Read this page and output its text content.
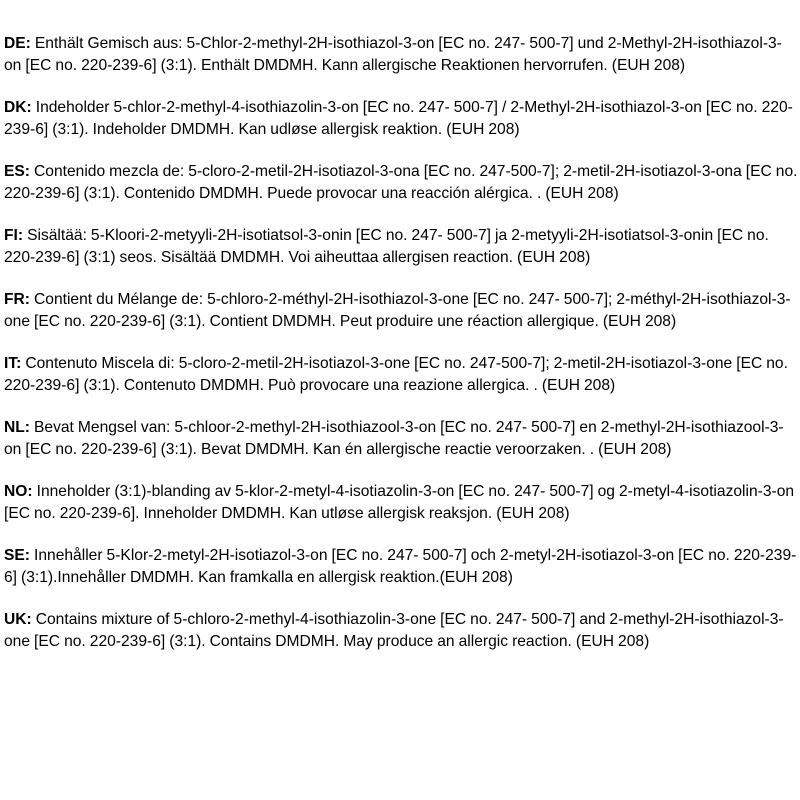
DE: Enthält Gemisch aus: 5-Chlor-2-methyl-2H-isothiazol-3-on [EC no. 247- 500-7] und 2-Methyl-2H-isothiazol-3-on [EC no. 220-239-6] (3:1). Enthält DMDMH. Kann allergische Reaktionen hervorrufen. (EUH 208)

DK: Indeholder 5-chlor-2-methyl-4-isothiazolin-3-on [EC no. 247- 500-7] / 2-Methyl-2H-isothiazol-3-on [EC no. 220-239-6] (3:1). Indeholder DMDMH. Kan udløse allergisk reaktion. (EUH 208)

ES: Contenido mezcla de: 5-cloro-2-metil-2H-isotiazol-3-ona [EC no. 247-500-7]; 2-metil-2H-isotiazol-3-ona [EC no. 220-239-6] (3:1). Contenido DMDMH. Puede provocar una reacción alérgica. . (EUH 208)

FI: Sisältää: 5-Kloori-2-metyyli-2H-isotiatsol-3-onin [EC no. 247- 500-7] ja 2-metyyli-2H-isotiatsol-3-onin [EC no. 220-239-6] (3:1) seos. Sisältää DMDMH. Voi aiheuttaa allergisen reaction. (EUH 208)

FR: Contient du Mélange de: 5-chloro-2-méthyl-2H-isothiazol-3-one [EC no. 247- 500-7]; 2-méthyl-2H-isothiazol-3-one [EC no. 220-239-6] (3:1). Contient DMDMH. Peut produire une réaction allergique. (EUH 208)

IT: Contenuto Miscela di: 5-cloro-2-metil-2H-isotiazol-3-one [EC no. 247-500-7]; 2-metil-2H-isotiazol-3-one [EC no. 220-239-6] (3:1). Contenuto DMDMH. Può provocare una reazione allergica. . (EUH 208)

NL: Bevat Mengsel van: 5-chloor-2-methyl-2H-isothiazool-3-on [EC no. 247- 500-7] en 2-methyl-2H-isothiazool-3-on [EC no. 220-239-6] (3:1). Bevat DMDMH. Kan én allergische reactie veroorzaken. . (EUH 208)

NO: Inneholder (3:1)-blanding av 5-klor-2-metyl-4-isotiazolin-3-on [EC no. 247- 500-7] og 2-metyl-4-isotiazolin-3-on [EC no. 220-239-6]. Inneholder DMDMH. Kan utløse allergisk reaksjon. (EUH 208)

SE: Innehåller 5-Klor-2-metyl-2H-isotiazol-3-on [EC no. 247- 500-7] och 2-metyl-2H-isotiazol-3-on [EC no. 220-239-6] (3:1).Innehåller DMDMH. Kan framkalla en allergisk reaktion.(EUH 208)

UK: Contains mixture of 5-chloro-2-methyl-4-isothiazolin-3-one [EC no. 247- 500-7] and 2-methyl-2H-isothiazol-3-one [EC no. 220-239-6] (3:1). Contains DMDMH. May produce an allergic reaction. (EUH 208)
